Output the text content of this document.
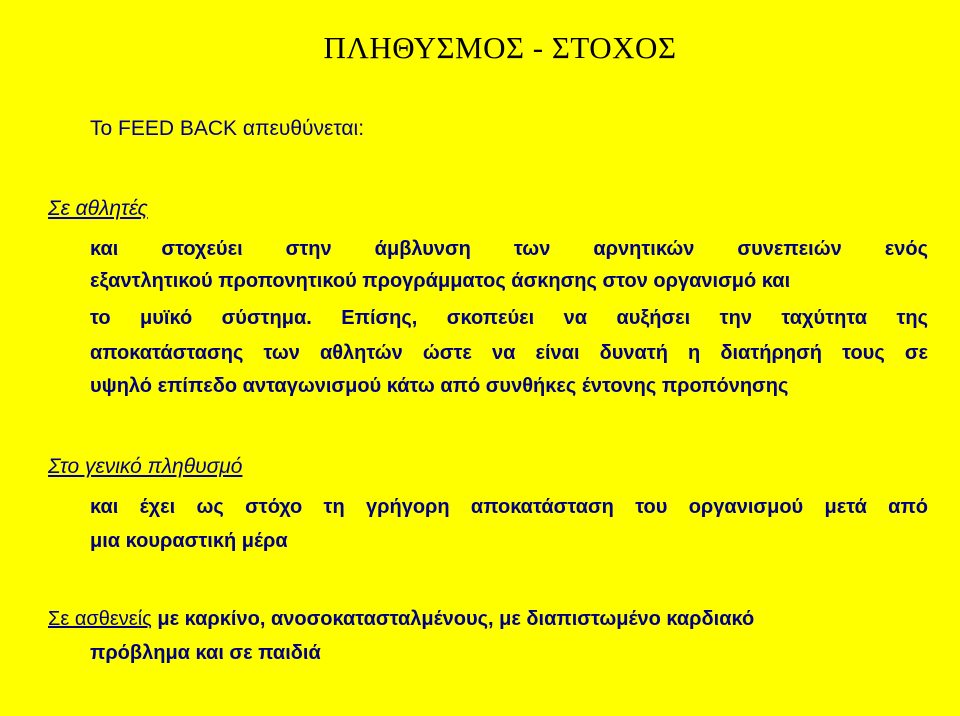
ΠΛΗΘΥΣΜΟΣ - ΣΤΟΧΟΣ
Το FEED BACK απευθύνεται:
Σε αθλητές
και στοχεύει στην άμβλυνση των αρνητικών συνεπειών ενός
εξαντλητικού προπονητικού προγράμματος άσκησης στον οργανισμό και
το μυϊκό σύστημα. Επίσης, σκοπεύει να αυξήσει την ταχύτητα της
αποκατάστασης των αθλητών ώστε να είναι δυνατή η διατήρησή τους σε
υψηλό επίπεδο ανταγωνισμού κάτω από συνθήκες έντονης προπόνησης
Στο γενικό πληθυσμό
και έχει ως στόχο τη γρήγορη αποκατάσταση του οργανισμού μετά από
μια κουραστική μέρα
Σε ασθενείς με καρκίνο, ανοσοκατασταλμένους, με διαπιστωμένο καρδιακό
πρόβλημα και σε παιδιά
